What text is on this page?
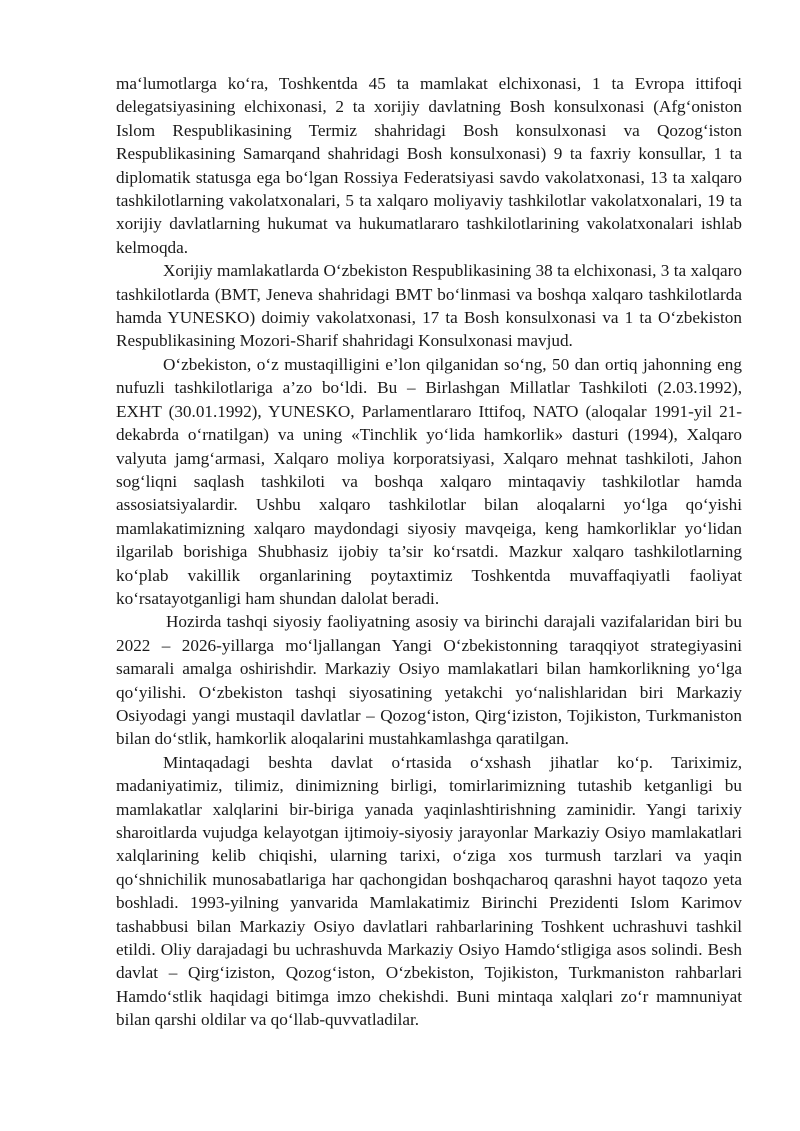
ma‘lumotlarga ko‘ra, Toshkentda 45 ta mamlakat elchixonasi, 1 ta Evropa ittifoqi delegatsiyasining elchixonasi, 2 ta xorijiy davlatning Bosh konsulxonasi (Afg‘oniston Islom Respublikasining Termiz shahridagi Bosh konsulxonasi va Qozog‘iston Respublikasining Samarqand shahridagi Bosh konsulxonasi) 9 ta faxriy konsullar, 1 ta diplomatik statusga ega bo‘lgan Rossiya Federatsiyasi savdo vakolatxonasi, 13 ta xalqaro tashkilotlarning vakolatxonalari, 5 ta xalqaro moliyaviy tashkilotlar vakolatxonalari, 19 ta xorijiy davlatlarning hukumat va hukumatlararo tashkilotlarining vakolatxonalari ishlab kelmoqda.

Xorijiy mamlakatlarda O‘zbekiston Respublikasining 38 ta elchixonasi, 3 ta xalqaro tashkilotlarda (BMT, Jeneva shahridagi BMT bo‘linmasi va boshqa xalqaro tashkilotlarda hamda YUNESKO) doimiy vakolatxonasi, 17 ta Bosh konsulxonasi va 1 ta O‘zbekiston Respublikasining Mozori-Sharif shahridagi Konsulxonasi mavjud.

O‘zbekiston, o‘z mustaqilligini e’lon qilganidan so‘ng, 50 dan ortiq jahonning eng nufuzli tashkilotlariga a’zo bo‘ldi. Bu – Birlashgan Millatlar Tashkiloti (2.03.1992), EXHT (30.01.1992), YUNESKO, Parlamentlararo Ittifoq, NATO (aloqalar 1991-yil 21-dekabrda o‘rnatilgan) va uning «Tinchlik yo‘lida hamkorlik» dasturi (1994), Xalqaro valyuta jamg‘armasi, Xalqaro moliya korporatsiyasi, Xalqaro mehnat tashkiloti, Jahon sog‘liqni saqlash tashkiloti va boshqa xalqaro mintaqaviy tashkilotlar hamda assosiatsiyalardir. Ushbu xalqaro tashkilotlar bilan aloqalarni yo‘lga qo‘yishi mamlakatimizning xalqaro maydondagi siyosiy mavqeiga, keng hamkorliklar yo‘lidan ilgarilab borishiga Shubhasiz ijobiy ta’sir ko‘rsatdi. Mazkur xalqaro tashkilotlarning ko‘plab vakillik organlarining poytaxtimiz Toshkentda muvaffaqiyatli faoliyat ko‘rsatayotganligi ham shundan dalolat beradi.

Hozirda tashqi siyosiy faoliyatning asosiy va birinchi darajali vazifalaridan biri bu 2022 – 2026-yillarga mo‘ljallangan Yangi O‘zbekistonning taraqqiyot strategiyasini samarali amalga oshirishdir. Markaziy Osiyo mamlakatlari bilan hamkorlikning yo‘lga qo‘yilishi. O‘zbekiston tashqi siyosatining yetakchi yo‘nalishlaridan biri Markaziy Osiyodagi yangi mustaqil davlatlar – Qozog‘iston, Qirg‘iziston, Tojikiston, Turkmaniston bilan do‘stlik, hamkorlik aloqalarini mustahkamlashga qaratilgan.

Mintaqadagi beshta davlat o‘rtasida o‘xshash jihatlar ko‘p. Tariximiz, madaniyatimiz, tilimiz, dinimizning birligi, tomirlarimizning tutashib ketganligi bu mamlakatlar xalqlarini bir-biriga yanada yaqinlashtirishning zaminidir. Yangi tarixiy sharoitlarda vujudga kelayotgan ijtimoiy-siyosiy jarayonlar Markaziy Osiyo mamlakatlari xalqlarining kelib chiqishi, ularning tarixi, o‘ziga xos turmush tarzlari va yaqin qo‘shnichilik munosabatlariga har qachongidan boshqacharoq qarashni hayot taqozo yeta boshladi. 1993-yilning yanvarida Mamlakatimiz Birinchi Prezidenti Islom Karimov tashabbusi bilan Markaziy Osiyo davlatlari rahbarlarining Toshkent uchrashuvi tashkil etildi. Oliy darajadagi bu uchrashuvda Markaziy Osiyo Hamdo‘stligiga asos solindi. Besh davlat – Qirg‘iziston, Qozog‘iston, O‘zbekiston, Tojikiston, Turkmaniston rahbarlari Hamdo‘stlik haqidagi bitimga imzo chekishdi. Buni mintaqa xalqlari zo‘r mamnuniyat bilan qarshi oldilar va qo‘llab-quvvatladilar.
